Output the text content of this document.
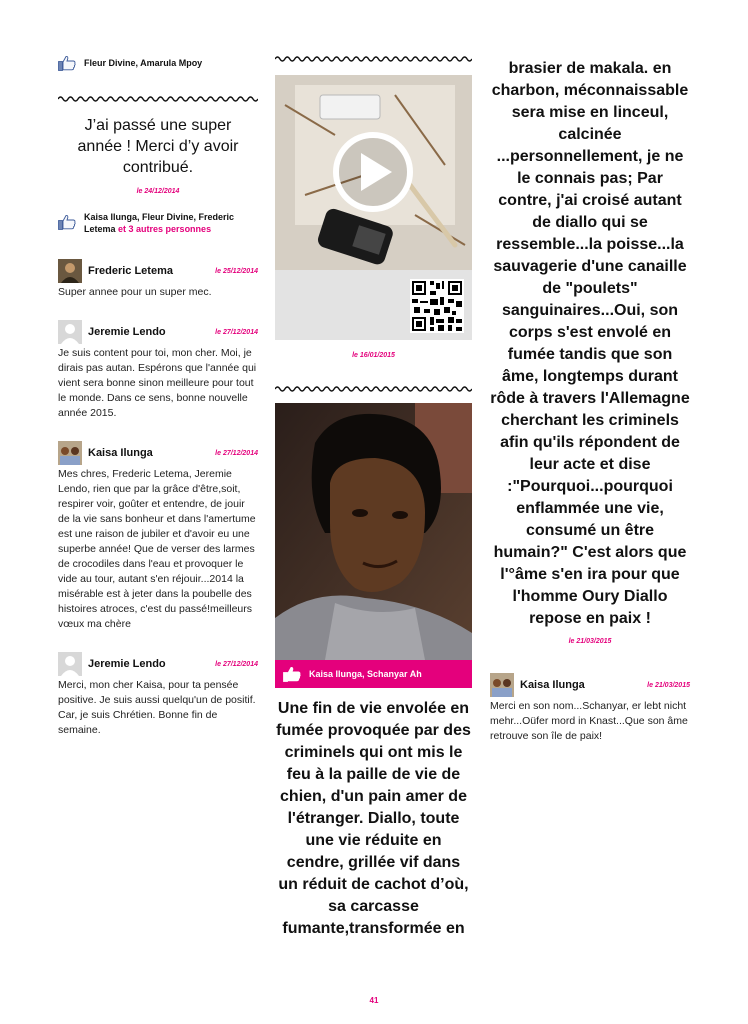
Fleur Divine, Amarula Mpoy

J’ai passé une super année ! Merci d’y avoir contribué.

le 24/12/2014

Kaisa Ilunga, Fleur Divine, Frederic Letema et 3 autres personnes
Frederic Letema	le 25/12/2014

Super annee pour un super mec.

Jeremie Lendo	le 27/12/2014

Je suis content pour toi, mon cher. Moi, je dirais pas autan. Espérons que l'année qui vient sera bonne sinon meilleure pour tout le monde. Dans ce sens, bonne nouvelle année 2015.

Kaisa Ilunga	le 27/12/2014

Mes chres, Frederic Letema, Jeremie Lendo, rien que par la grâce d'être,soit, respirer voir, goûter et entendre, de jouir de la vie sans bonheur et dans l'amertume est une raison de jubiler et d'avoir eu une superbe année! Que de verser des larmes de crocodiles dans l'eau et provoquer le vide au tour, autant s'en réjouir...2014 la misérable est à jeter dans la poubelle des histoires atroces, c'est du passé!meilleurs vœux ma chère

Jeremie Lendo	le 27/12/2014

Merci, mon cher Kaisa, pour ta pensée positive. Je suis aussi quelqu'un de positif. Car, je suis Chrétien. Bonne fin de semaine.

le 16/01/2015

Kaisa Ilunga, Schanyar Ah

Une fin de vie envolée en fumée provoquée par des criminels qui ont mis le feu à la paille de vie de chien, d'un pain amer de l'étranger. Diallo, toute une vie réduite en cendre, grillée vif dans un réduit de cachot d’où, sa carcasse fumante,transformée en

brasier de makala. en charbon, méconnaissable sera mise en linceul, calcinée ...personnellement, je ne le connais pas; Par contre, j'ai croisé autant de diallo qui se ressemble...la poisse...la sauvagerie d'une canaille de "poulets" sanguinaires...Oui, son corps s'est envolé en fumée tandis que son âme, longtemps durant rôde à travers l'Allemagne cherchant les criminels afin qu'ils répondent de leur acte et dise :"Pourquoi...pourquoi enflammée une vie, consumé un être humain?" C'est alors que l'°âme s'en ira pour que l'homme Oury Diallo repose en paix !

le 21/03/2015

Kaisa Ilunga	le 21/03/2015

Merci en son nom...Schanyar, er lebt nicht mehr...Oüfer mord in Knast...Que son âme retrouve son île de paix!

41
